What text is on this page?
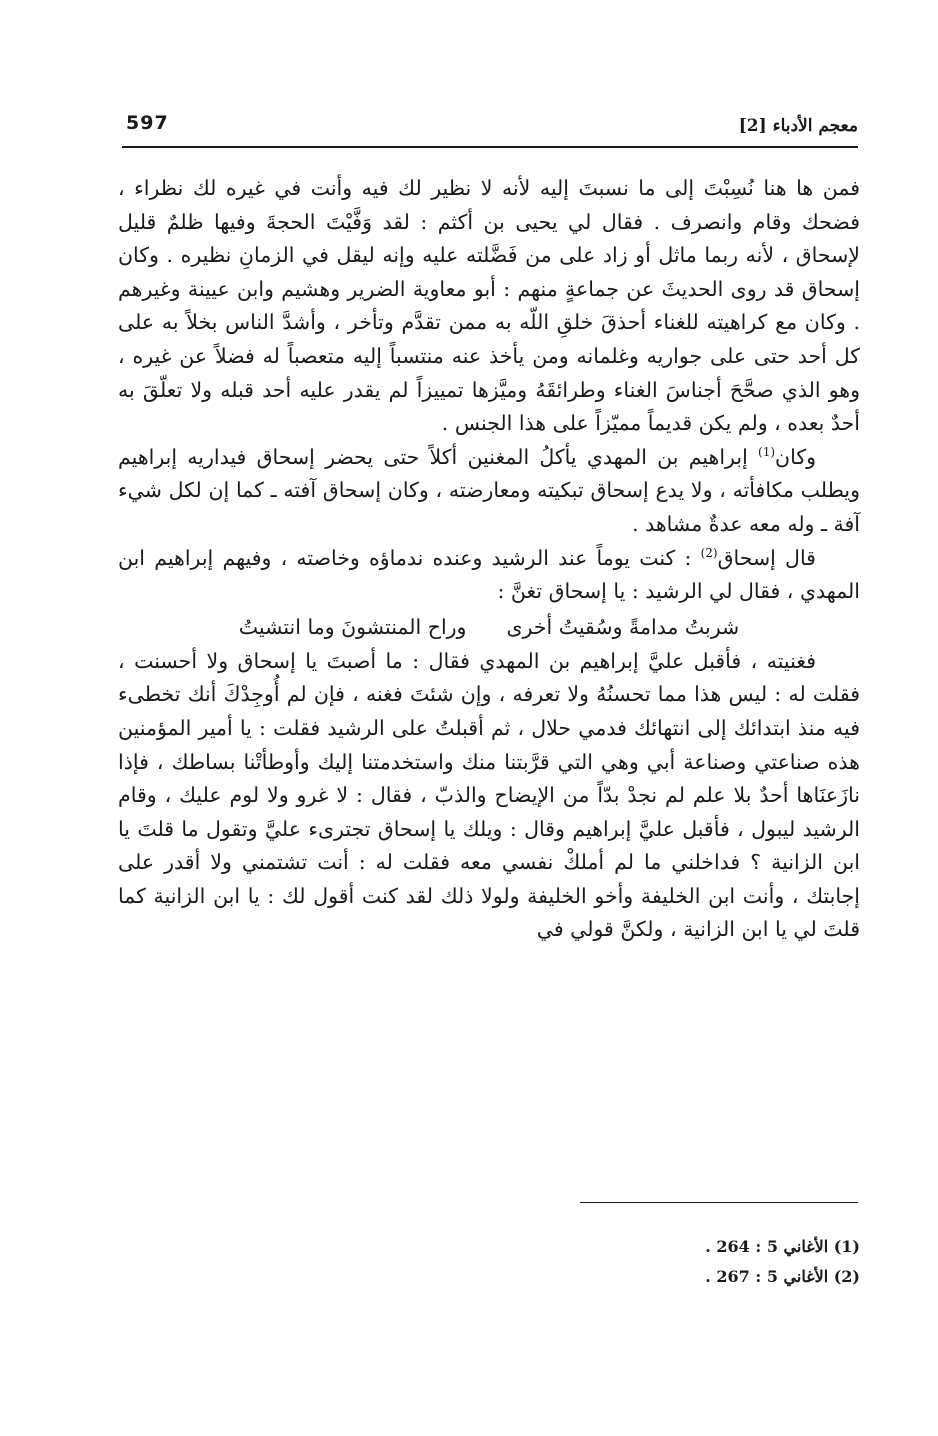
597	معجم الأدباء [2]

فمن ها هنا نُسِبْتَ إلى ما نسبتَ إليه لأنه لا نظير لك فيه وأنت في غيره لك نظراء ، فضحك وقام وانصرف . فقال لي يحيى بن أكثم : لقد وَفَّيْتَ الحجةَ وفيها ظلمٌ قليل لإسحاق ، لأنه ربما ماثل أو زاد على من فَضَّلته عليه وإنه ليقل في الزمانِ نظيره . وكان إسحاق قد روى الحديثَ عن جماعةٍ منهم : أبو معاوية الضرير وهشيم وابن عيينة وغيرهم . وكان مع كراهيته للغناء أحذقَ خلقِ اللّه به ممن تقدَّم وتأخر ، وأشدَّ الناس بخلاً به على كل أحد حتى على جواريه وغلمانه ومن يأخذ عنه منتسباً إليه متعصباً له فضلاً عن غيره ، وهو الذي صحَّحَ أجناسَ الغناء وطرائقَهُ وميَّزها تمييزاً لم يقدر عليه أحد قبله ولا تعلّقَ به أحدٌ بعده ، ولم يكن قديماً مميّزاً على هذا الجنس .

وكان$^{(1)}$ إبراهيم بن المهدي يأكلُ المغنين أكلاً حتى يحضر إسحاق فيداريه إبراهيم ويطلب مكافأته ، ولا يدع إسحاق تبكيته ومعارضته ، وكان إسحاق آفته ـ كما إن لكل شيء آفة ـ وله معه عدةٌ مشاهد .

قال إسحاق$^{(2)}$ : كنت يوماً عند الرشيد وعنده ندماؤه وخاصته ، وفيهم إبراهيم ابن المهدي ، فقال لي الرشيد : يا إسحاق تغنَّ :

شربتُ مدامةً وسُقيتُ أخرى
وراح المنتشونَ وما انتشيتُ

فغنيته ، فأقبل عليَّ إبراهيم بن المهدي فقال : ما أصبتَ يا إسحاق ولا أحسنت ، فقلت له : ليس هذا مما تحسنُهُ ولا تعرفه ، وإن شئتَ فغنه ، فإن لم أُوجِدْكَ أنك تخطىء فيه منذ ابتدائك إلى انتهائك فدمي حلال ، ثم أقبلتُ على الرشيد فقلت : يا أمير المؤمنين هذه صناعتي وصناعة أبي وهي التي قرَّبتنا منك واستخدمتنا إليك وأوطأتْنا بساطك ، فإذا نازَعنَاها أحدٌ بلا علم لم نجدْ بدّاً من الإيضاح والذبّ ، فقال : لا غرو ولا لوم عليك ، وقام الرشيد ليبول ، فأقبل عليَّ إبراهيم وقال : ويلك يا إسحاق تجترىء عليَّ وتقول ما قلتَ يا ابن الزانية ؟ فداخلني ما لم أملكْ نفسي معه فقلت له : أنت تشتمني ولا أقدر على إجابتك ، وأنت ابن الخليفة وأخو الخليفة ولولا ذلك لقد كنت أقول لك : يا ابن الزانية كما قلتَ لي يا ابن الزانية ، ولكنَّ قولي في

(1) الأغاني 5 : 264 .
(2) الأغاني 5 : 267 .
